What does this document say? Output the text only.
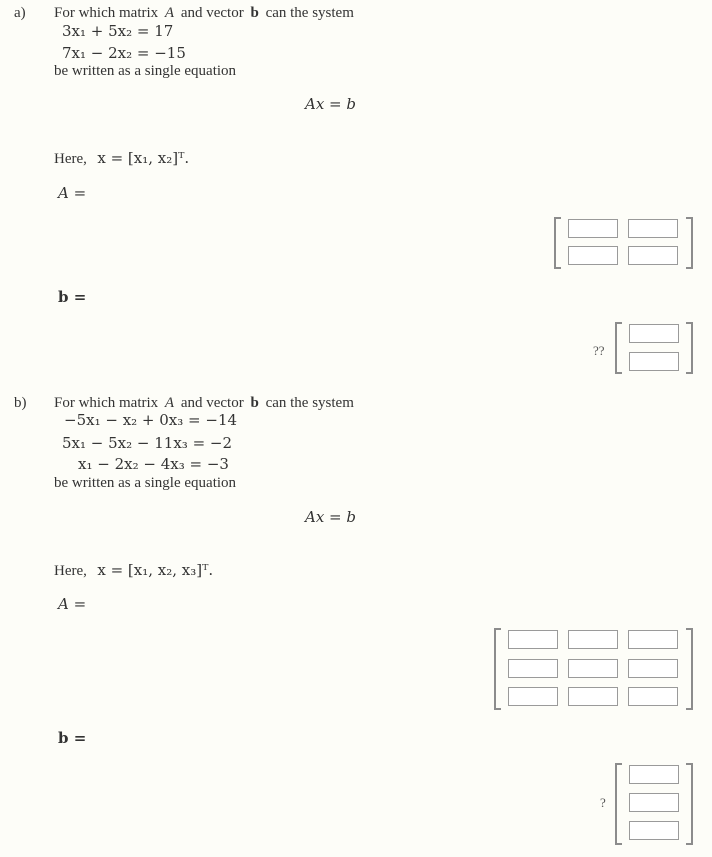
a) For which matrix A and vector b can the system
3x₁ + 5x₂ = 17
7x₁ − 2x₂ = −15
be written as a single equation
Ax = b
Here, x = [x₁, x₂]ᵀ.
A =
b =
??
b) For which matrix A and vector b can the system
−5x₁ − x₂ + 0x₃ = −14
5x₁ − 5x₂ − 11x₃ = −2
x₁ − 2x₂ − 4x₃ = −3
be written as a single equation
Ax = b
Here, x = [x₁, x₂, x₃]ᵀ.
A =
b =
?
